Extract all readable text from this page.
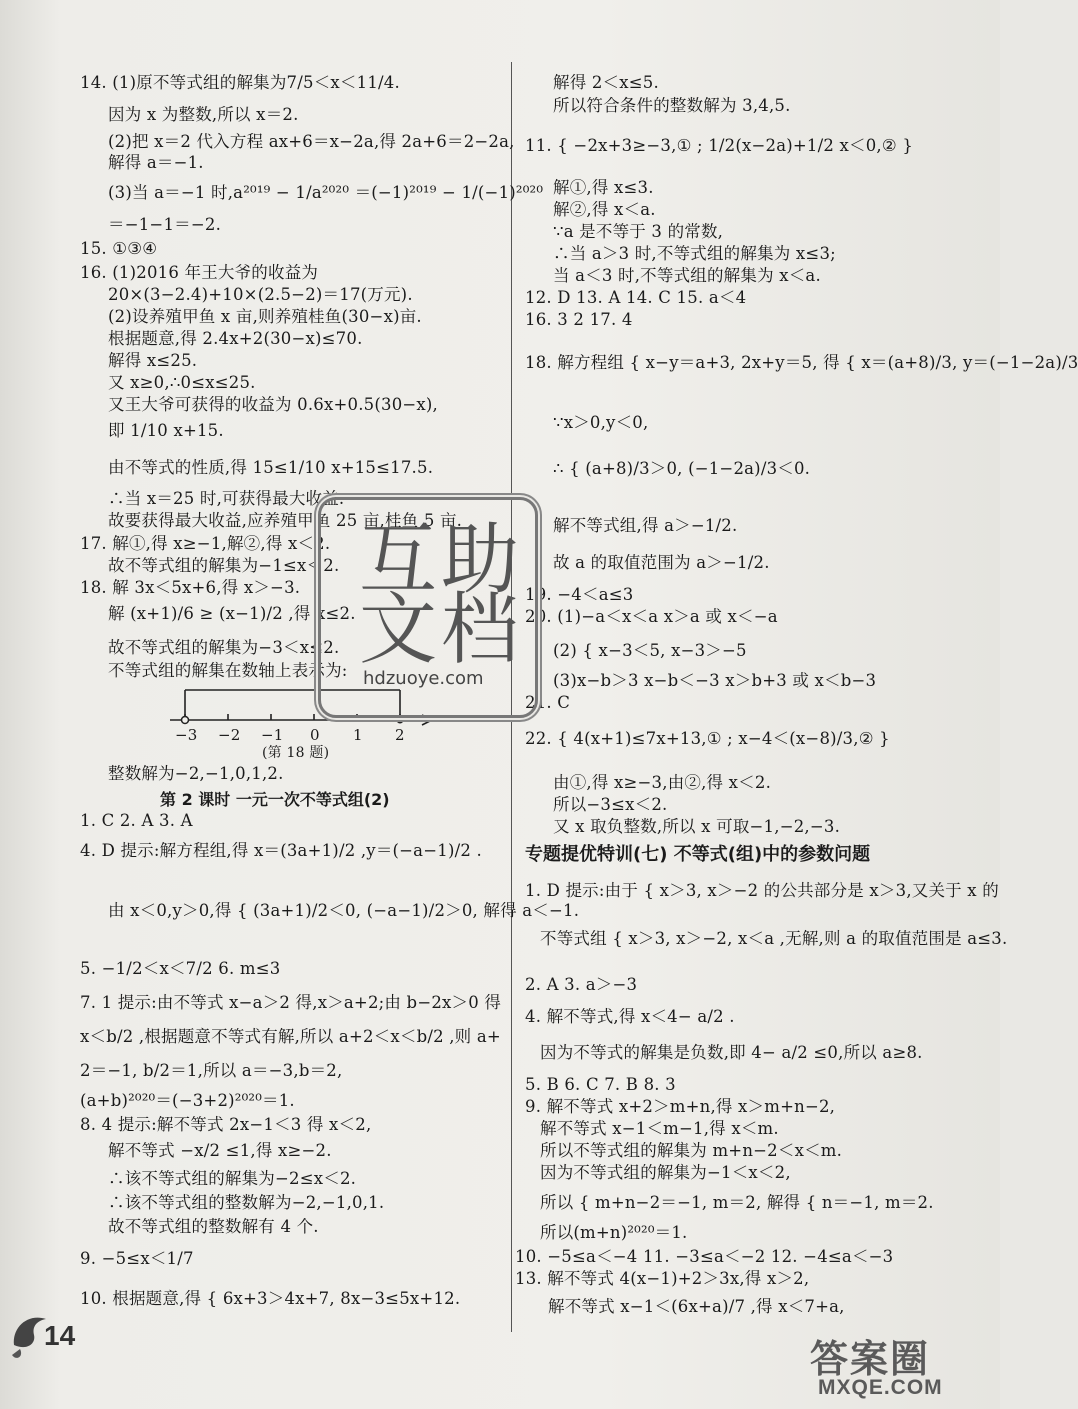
14. (1)原不等式组的解集为7/5＜x＜11/4.
因为 x 为整数,所以 x＝2.
(2)把 x＝2 代入方程 ax+6＝x−2a,得 2a+6＝2−2a,
解得 a＝−1.
(3)当 a＝−1 时,a²⁰¹⁹ − 1/a²⁰²⁰ ＝(−1)²⁰¹⁹ − 1/(−1)²⁰²⁰
＝−1−1＝−2.
15. ①③④
16. (1)2016 年王大爷的收益为
20×(3−2.4)+10×(2.5−2)＝17(万元).
(2)设养殖甲鱼 x 亩,则养殖桂鱼(30−x)亩.
根据题意,得 2.4x+2(30−x)≤70.
解得 x≤25.
又 x≥0,∴0≤x≤25.
又王大爷可获得的收益为 0.6x+0.5(30−x),
即 1/10 x+15.
由不等式的性质,得 15≤1/10 x+15≤17.5.
∴当 x＝25 时,可获得最大收益.
故要获得最大收益,应养殖甲鱼 25 亩,桂鱼 5 亩.
17. 解①,得 x≥−1,解②,得 x＜2.
故不等式组的解集为−1≤x＜2.
18. 解 3x＜5x+6,得 x＞−3.
解 (x+1)/6 ≥ (x−1)/2 ,得 x≤2.
故不等式组的解集为−3＜x≤2.
不等式组的解集在数轴上表示为:
−3 −2 −1 0 1 2
(第 18 题)
整数解为−2,−1,0,1,2.
第 2 课时 一元一次不等式组(2)
1. C 2. A 3. A
4. D 提示:解方程组,得 x＝(3a+1)/2 ,y＝(−a−1)/2 .
由 x＜0,y＞0,得 { (3a+1)/2＜0, (−a−1)/2＞0, 解得 a＜−1.
5. −1/2＜x＜7/2 6. m≤3
7. 1 提示:由不等式 x−a＞2 得,x＞a+2;由 b−2x＞0 得
x＜b/2 ,根据题意不等式有解,所以 a+2＜x＜b/2 ,则 a+
2＝−1, b/2＝1,所以 a＝−3,b＝2,
(a+b)²⁰²⁰＝(−3+2)²⁰²⁰＝1.
8. 4 提示:解不等式 2x−1＜3 得 x＜2,
解不等式 −x/2 ≤1,得 x≥−2.
∴该不等式组的解集为−2≤x＜2.
∴该不等式组的整数解为−2,−1,0,1.
故不等式组的整数解有 4 个.
9. −5≤x＜1/7
10. 根据题意,得 { 6x+3＞4x+7, 8x−3≤5x+12.
解得 2＜x≤5.
所以符合条件的整数解为 3,4,5.
11. { −2x+3≥−3,① ; 1/2(x−2a)+1/2 x＜0,② }
解①,得 x≤3.
解②,得 x＜a.
∵a 是不等于 3 的常数,
∴当 a＞3 时,不等式组的解集为 x≤3;
当 a＜3 时,不等式组的解集为 x＜a.
12. D 13. A 14. C 15. a＜4
16. 3 2 17. 4
18. 解方程组 { x−y＝a+3, 2x+y＝5, 得 { x＝(a+8)/3, y＝(−1−2a)/3
∵x＞0,y＜0,
∴ { (a+8)/3＞0, (−1−2a)/3＜0.
解不等式组,得 a＞−1/2.
故 a 的取值范围为 a＞−1/2.
19. −4＜a≤3
20. (1)−a＜x＜a x＞a 或 x＜−a
(2) { x−3＜5, x−3＞−5
(3)x−b＞3 x−b＜−3 x＞b+3 或 x＜b−3
21. C
22. { 4(x+1)≤7x+13,① ; x−4＜(x−8)/3,② }
由①,得 x≥−3,由②,得 x＜2.
所以−3≤x＜2.
又 x 取负整数,所以 x 可取−1,−2,−3.
专题提优特训(七) 不等式(组)中的参数问题
1. D 提示:由于 { x＞3, x＞−2 的公共部分是 x＞3,又关于 x 的
不等式组 { x＞3, x＞−2, x＜a ,无解,则 a 的取值范围是 a≤3.
2. A 3. a＞−3
4. 解不等式,得 x＜4− a/2 .
因为不等式的解集是负数,即 4− a/2 ≤0,所以 a≥8.
5. B 6. C 7. B 8. 3
9. 解不等式 x+2＞m+n,得 x＞m+n−2,
解不等式 x−1＜m−1,得 x＜m.
所以不等式组的解集为 m+n−2＜x＜m.
因为不等式组的解集为−1＜x＜2,
所以 { m+n−2＝−1, m＝2, 解得 { n＝−1, m＝2.
所以(m+n)²⁰²⁰＝1.
10. −5≤a＜−4 11. −3≤a＜−2 12. −4≤a＜−3
13. 解不等式 4(x−1)+2＞3x,得 x＞2,
解不等式 x−1＜(6x+a)/7 ,得 x＜7+a,
互 助
文 档
hdzuoye.com
14
答案圈
MXQE.COM
